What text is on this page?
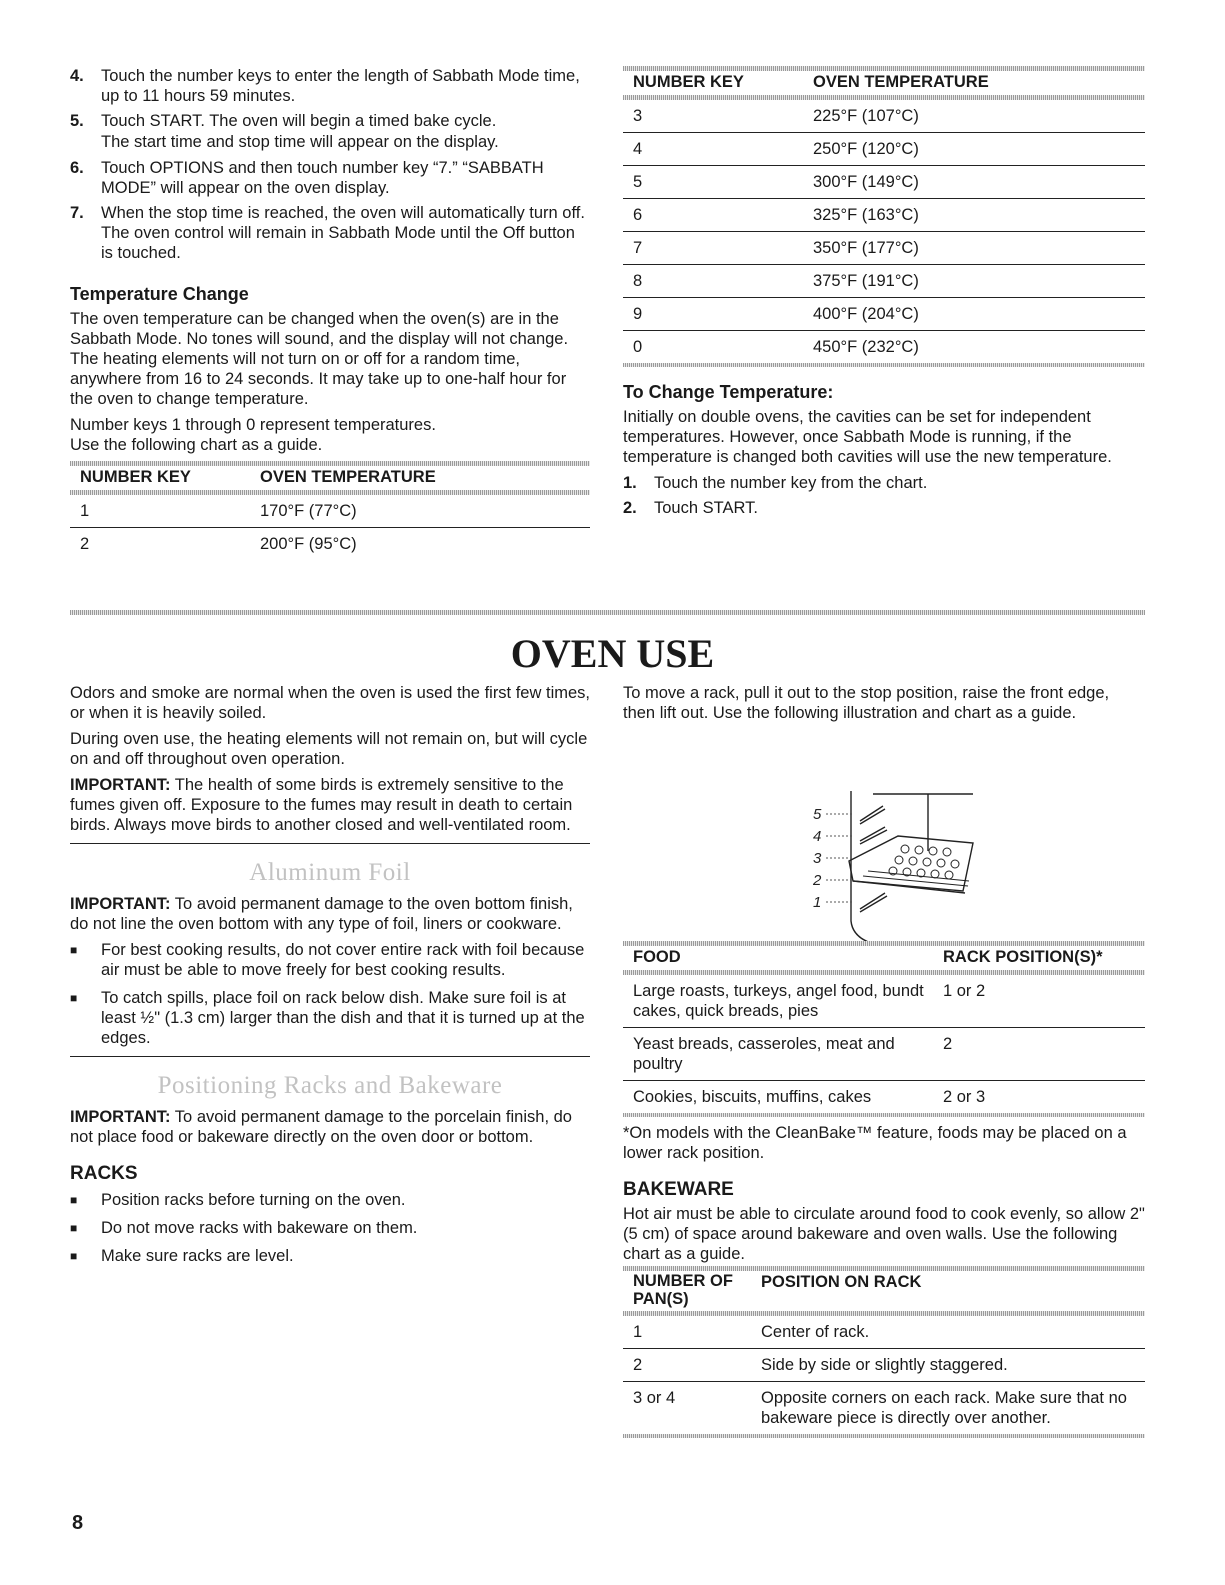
4.	Touch the number keys to enter the length of Sabbath Mode time, up to 11 hours 59 minutes.
5.	Touch START. The oven will begin a timed bake cycle.
The start time and stop time will appear on the display.
6.	Touch OPTIONS and then touch number key “7.” “SABBATH MODE” will appear on the oven display.
7.	When the stop time is reached, the oven will automatically turn off. The oven control will remain in Sabbath Mode until the Off button is touched.
Temperature Change

The oven temperature can be changed when the oven(s) are in the Sabbath Mode. No tones will sound, and the display will not change. The heating elements will not turn on or off for a random time, anywhere from 16 to 24 seconds. It may take up to one-half hour for the oven to change temperature.

Number keys 1 through 0 represent temperatures.

Use the following chart as a guide.

NUMBER KEY	OVEN TEMPERATURE
1	170°F (77°C)
2	200°F (95°C)
NUMBER KEY	OVEN TEMPERATURE
3	225°F (107°C)
4	250°F (120°C)
5	300°F (149°C)
6	325°F (163°C)
7	350°F (177°C)
8	375°F (191°C)
9	400°F (204°C)
0	450°F (232°C)
To Change Temperature:

Initially on double ovens, the cavities can be set for independent temperatures. However, once Sabbath Mode is running, if the temperature is changed both cavities will use the new temperature.

1.	Touch the number key from the chart.
2.	Touch START.
OVEN USE

Odors and smoke are normal when the oven is used the first few times, or when it is heavily soiled.

During oven use, the heating elements will not remain on, but will cycle on and off throughout oven operation.

IMPORTANT: The health of some birds is extremely sensitive to the fumes given off. Exposure to the fumes may result in death to certain birds. Always move birds to another closed and well-ventilated room.

Aluminum Foil

IMPORTANT: To avoid permanent damage to the oven bottom finish, do not line the oven bottom with any type of foil, liners or cookware.

■	For best cooking results, do not cover entire rack with foil because air must be able to move freely for best cooking results.
■	To catch spills, place foil on rack below dish. Make sure foil is at least ½" (1.3 cm) larger than the dish and that it is turned up at the edges.
Positioning Racks and Bakeware

IMPORTANT: To avoid permanent damage to the porcelain finish, do not place food or bakeware directly on the oven door or bottom.

RACKS
■	Position racks before turning on the oven.
■	Do not move racks with bakeware on them.
■	Make sure racks are level.

To move a rack, pull it out to the stop position, raise the front edge, then lift out. Use the following illustration and chart as a guide.

5
4
3
2
1
FOOD	RACK POSITION(S)*
Large roasts, turkeys, angel food, bundt cakes, quick breads, pies	1 or 2
Yeast breads, casseroles, meat and poultry	2
Cookies, biscuits, muffins, cakes	2 or 3

*On models with the CleanBake™ feature, foods may be placed on a lower rack position.

BAKEWARE

Hot air must be able to circulate around food to cook evenly, so allow 2" (5 cm) of space around bakeware and oven walls. Use the following chart as a guide.

NUMBER OF PAN(S)	POSITION ON RACK
1	Center of rack.
2	Side by side or slightly staggered.
3 or 4	Opposite corners on each rack. Make sure that no bakeware piece is directly over another.
8
